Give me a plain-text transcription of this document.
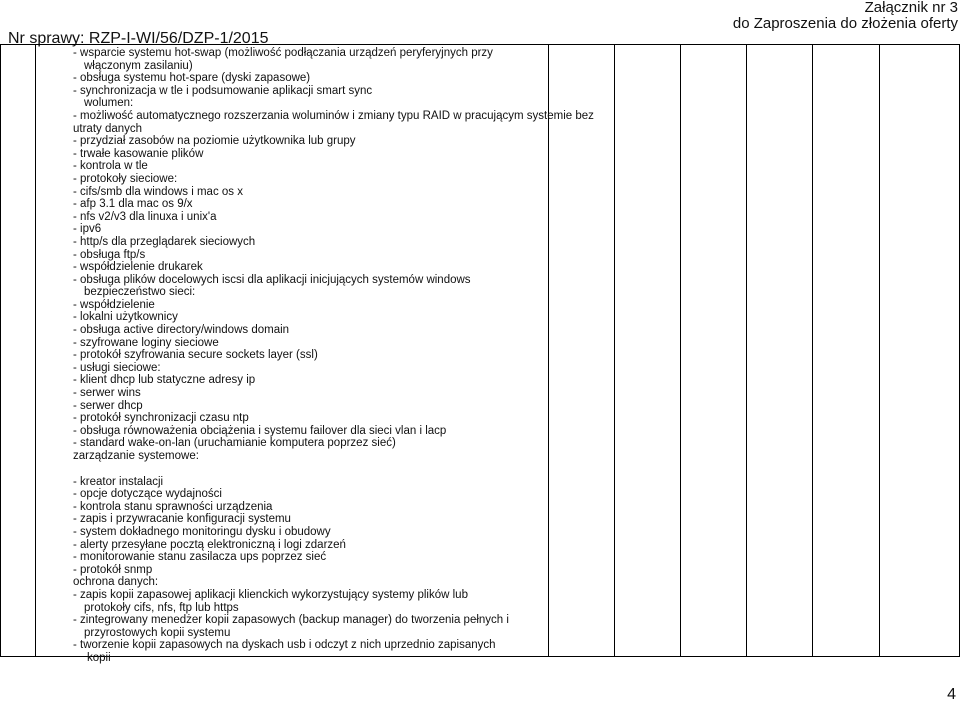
Nr sprawy: RZP-I-WI/56/DZP-1/2015
Załącznik nr 3
do Zaproszenia do złożenia oferty

- wsparcie systemu hot-swap (możliwość podłączania urządzeń peryferyjnych przy
włączonym zasilaniu)
- obsługa systemu hot-spare (dyski zapasowe)
- synchronizacja w tle i podsumowanie aplikacji smart sync
wolumen:
- możliwość automatycznego rozszerzania woluminów i zmiany typu RAID w pracującym systemie bez
utraty danych
- przydział zasobów na poziomie użytkownika lub grupy
- trwałe kasowanie plików
- kontrola w tle
- protokoły sieciowe:
- cifs/smb dla windows i mac os x
- afp 3.1 dla mac os 9/x
- nfs v2/v3 dla linuxa i unix'a
- ipv6
- http/s dla przeglądarek sieciowych
- obsługa ftp/s
- współdzielenie drukarek
- obsługa plików docelowych iscsi dla aplikacji inicjujących systemów windows
bezpieczeństwo sieci:
- współdzielenie
- lokalni użytkownicy
- obsługa active directory/windows domain
- szyfrowane loginy sieciowe
- protokół szyfrowania secure sockets layer (ssl)
- usługi sieciowe:
- klient dhcp lub statyczne adresy ip
- serwer wins
- serwer dhcp
- protokół synchronizacji czasu ntp
- obsługa równoważenia obciążenia i systemu failover dla sieci vlan i lacp
- standard wake-on-lan (uruchamianie komputera poprzez sieć)
zarządzanie systemowe:
- kreator instalacji
- opcje dotyczące wydajności
- kontrola stanu sprawności urządzenia
- zapis i przywracanie konfiguracji systemu
- system dokładnego monitoringu dysku i obudowy
- alerty przesyłane pocztą elektroniczną i logi zdarzeń
- monitorowanie stanu zasilacza ups poprzez sieć
- protokół snmp
ochrona danych:
- zapis kopii zapasowej aplikacji klienckich wykorzystujący systemy plików lub
protokoły cifs, nfs, ftp lub https
- zintegrowany menedżer kopii zapasowych (backup manager) do tworzenia pełnych i
przyrostowych kopii systemu
- tworzenie kopii zapasowych na dyskach usb i odczyt z nich uprzednio zapisanych
kopii

4
